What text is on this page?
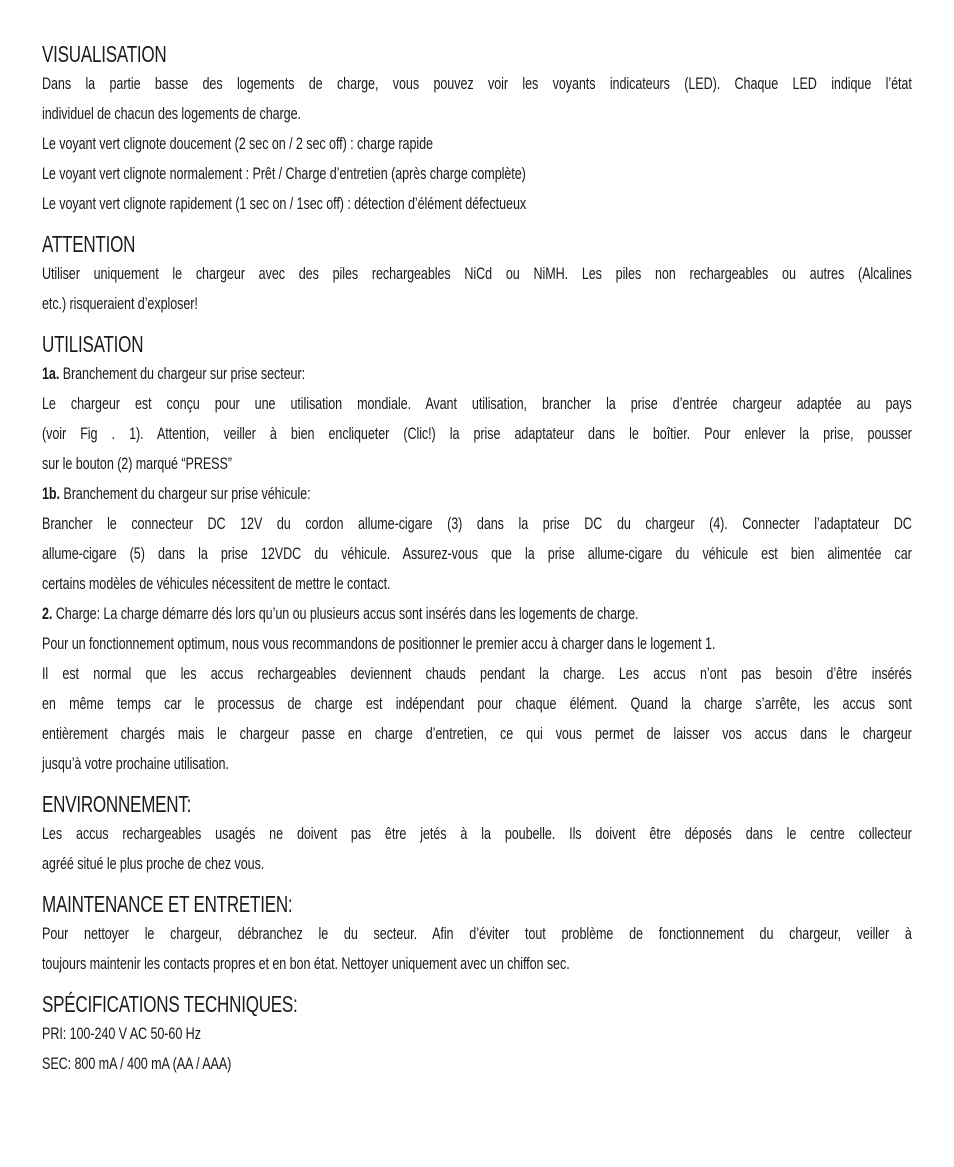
VISUALISATION
Dans la partie basse des logements de charge, vous pouvez voir les voyants indicateurs (LED). Chaque LED indique l’état
individuel de chacun des logements de charge.
Le voyant vert clignote doucement (2 sec on / 2 sec off) : charge rapide
Le voyant vert clignote normalement : Prêt / Charge d’entretien (après charge complète)
Le voyant vert clignote rapidement (1 sec on / 1sec off) : détection d’élément défectueux
ATTENTION
Utiliser uniquement le chargeur avec des piles rechargeables NiCd ou NiMH. Les piles non rechargeables ou autres (Alcalines
etc.) risqueraient d’exploser!
UTILISATION
1a. Branchement du chargeur sur prise secteur:
Le chargeur est conçu pour une utilisation mondiale. Avant utilisation, brancher la prise d’entrée chargeur adaptée au pays
(voir Fig . 1). Attention, veiller à bien encliqueter (Clic!) la prise adaptateur dans le boîtier. Pour enlever la prise, pousser
sur le bouton (2) marqué “PRESS”
1b. Branchement du chargeur sur prise véhicule:
Brancher le connecteur DC 12V du cordon allume-cigare (3) dans la prise DC du chargeur (4). Connecter l’adaptateur DC
allume-cigare (5) dans la prise 12VDC du véhicule. Assurez-vous que la prise allume-cigare du véhicule est bien alimentée car
certains modèles de véhicules nécessitent de mettre le contact.
2. Charge: La charge démarre dés lors qu’un ou plusieurs accus sont insérés dans les logements de charge.
Pour un fonctionnement optimum, nous vous recommandons de positionner le premier accu à charger dans le logement 1.
Il est normal que les accus rechargeables deviennent chauds pendant la charge. Les accus n’ont pas besoin d’être insérés
en même temps car le processus de charge est indépendant pour chaque élément. Quand la charge s’arrête, les accus sont
entièrement chargés mais le chargeur passe en charge d’entretien, ce qui vous permet de laisser vos accus dans le chargeur
jusqu’à votre prochaine utilisation.
ENVIRONNEMENT:
Les accus rechargeables usagés ne doivent pas être jetés à la poubelle. Ils doivent être déposés dans le centre collecteur
agréé situé le plus proche de chez vous.
MAINTENANCE ET ENTRETIEN:
Pour nettoyer le chargeur, débranchez le du secteur. Afin d’éviter tout problème de fonctionnement du chargeur, veiller à
toujours maintenir les contacts propres et en bon état. Nettoyer uniquement avec un chiffon sec.
SPÉCIFICATIONS TECHNIQUES:
PRI: 100-240 V AC 50-60 Hz
SEC: 800 mA / 400 mA (AA / AAA)
